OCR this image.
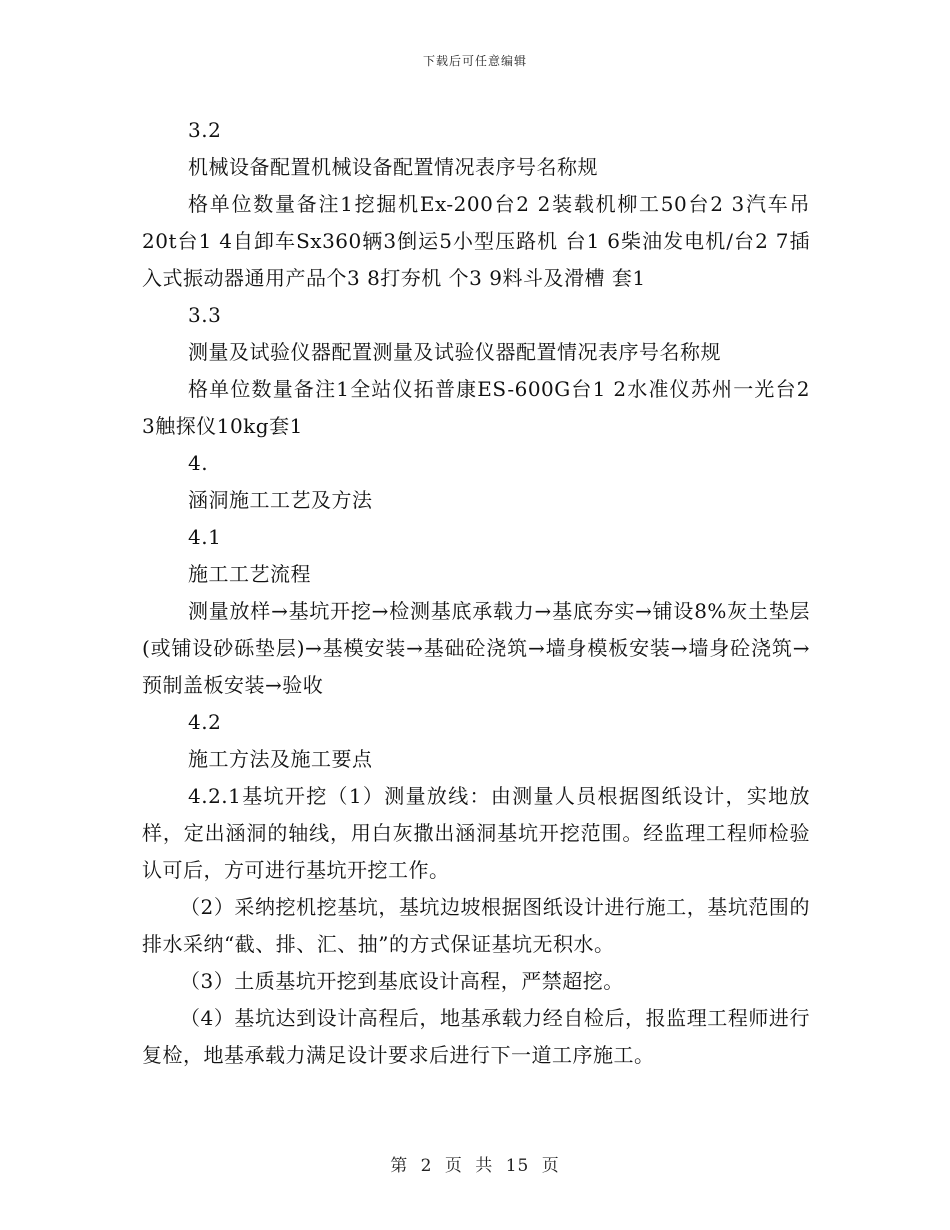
下载后可任意编辑

3.2

机械设备配置机械设备配置情况表序号名称规

格单位数量备注1挖掘机Ex-200台2 2装载机柳工50台2 3汽车吊20t台1 4自卸车Sx360辆3倒运5小型压路机 台1 6柴油发电机/台2 7插入式振动器通用产品个3 8打夯机 个3 9料斗及滑槽 套1

3.3

测量及试验仪器配置测量及试验仪器配置情况表序号名称规

格单位数量备注1全站仪拓普康ES-600G台1 2水准仪苏州一光台2 3触探仪10kg套1

4.

涵洞施工工艺及方法

4.1

施工工艺流程

测量放样→基坑开挖→检测基底承载力→基底夯实→铺设8%灰土垫层(或铺设砂砾垫层)→基模安装→基础砼浇筑→墙身模板安装→墙身砼浇筑→预制盖板安装→验收

4.2

施工方法及施工要点

4.2.1基坑开挖（1）测量放线：由测量人员根据图纸设计，实地放样，定出涵洞的轴线，用白灰撒出涵洞基坑开挖范围。经监理工程师检验认可后，方可进行基坑开挖工作。

（2）采纳挖机挖基坑，基坑边坡根据图纸设计进行施工，基坑范围的排水采纳“截、排、汇、抽”的方式保证基坑无积水。

（3）土质基坑开挖到基底设计高程，严禁超挖。

（4）基坑达到设计高程后，地基承载力经自检后，报监理工程师进行复检，地基承载力满足设计要求后进行下一道工序施工。

第 2 页 共 15 页
